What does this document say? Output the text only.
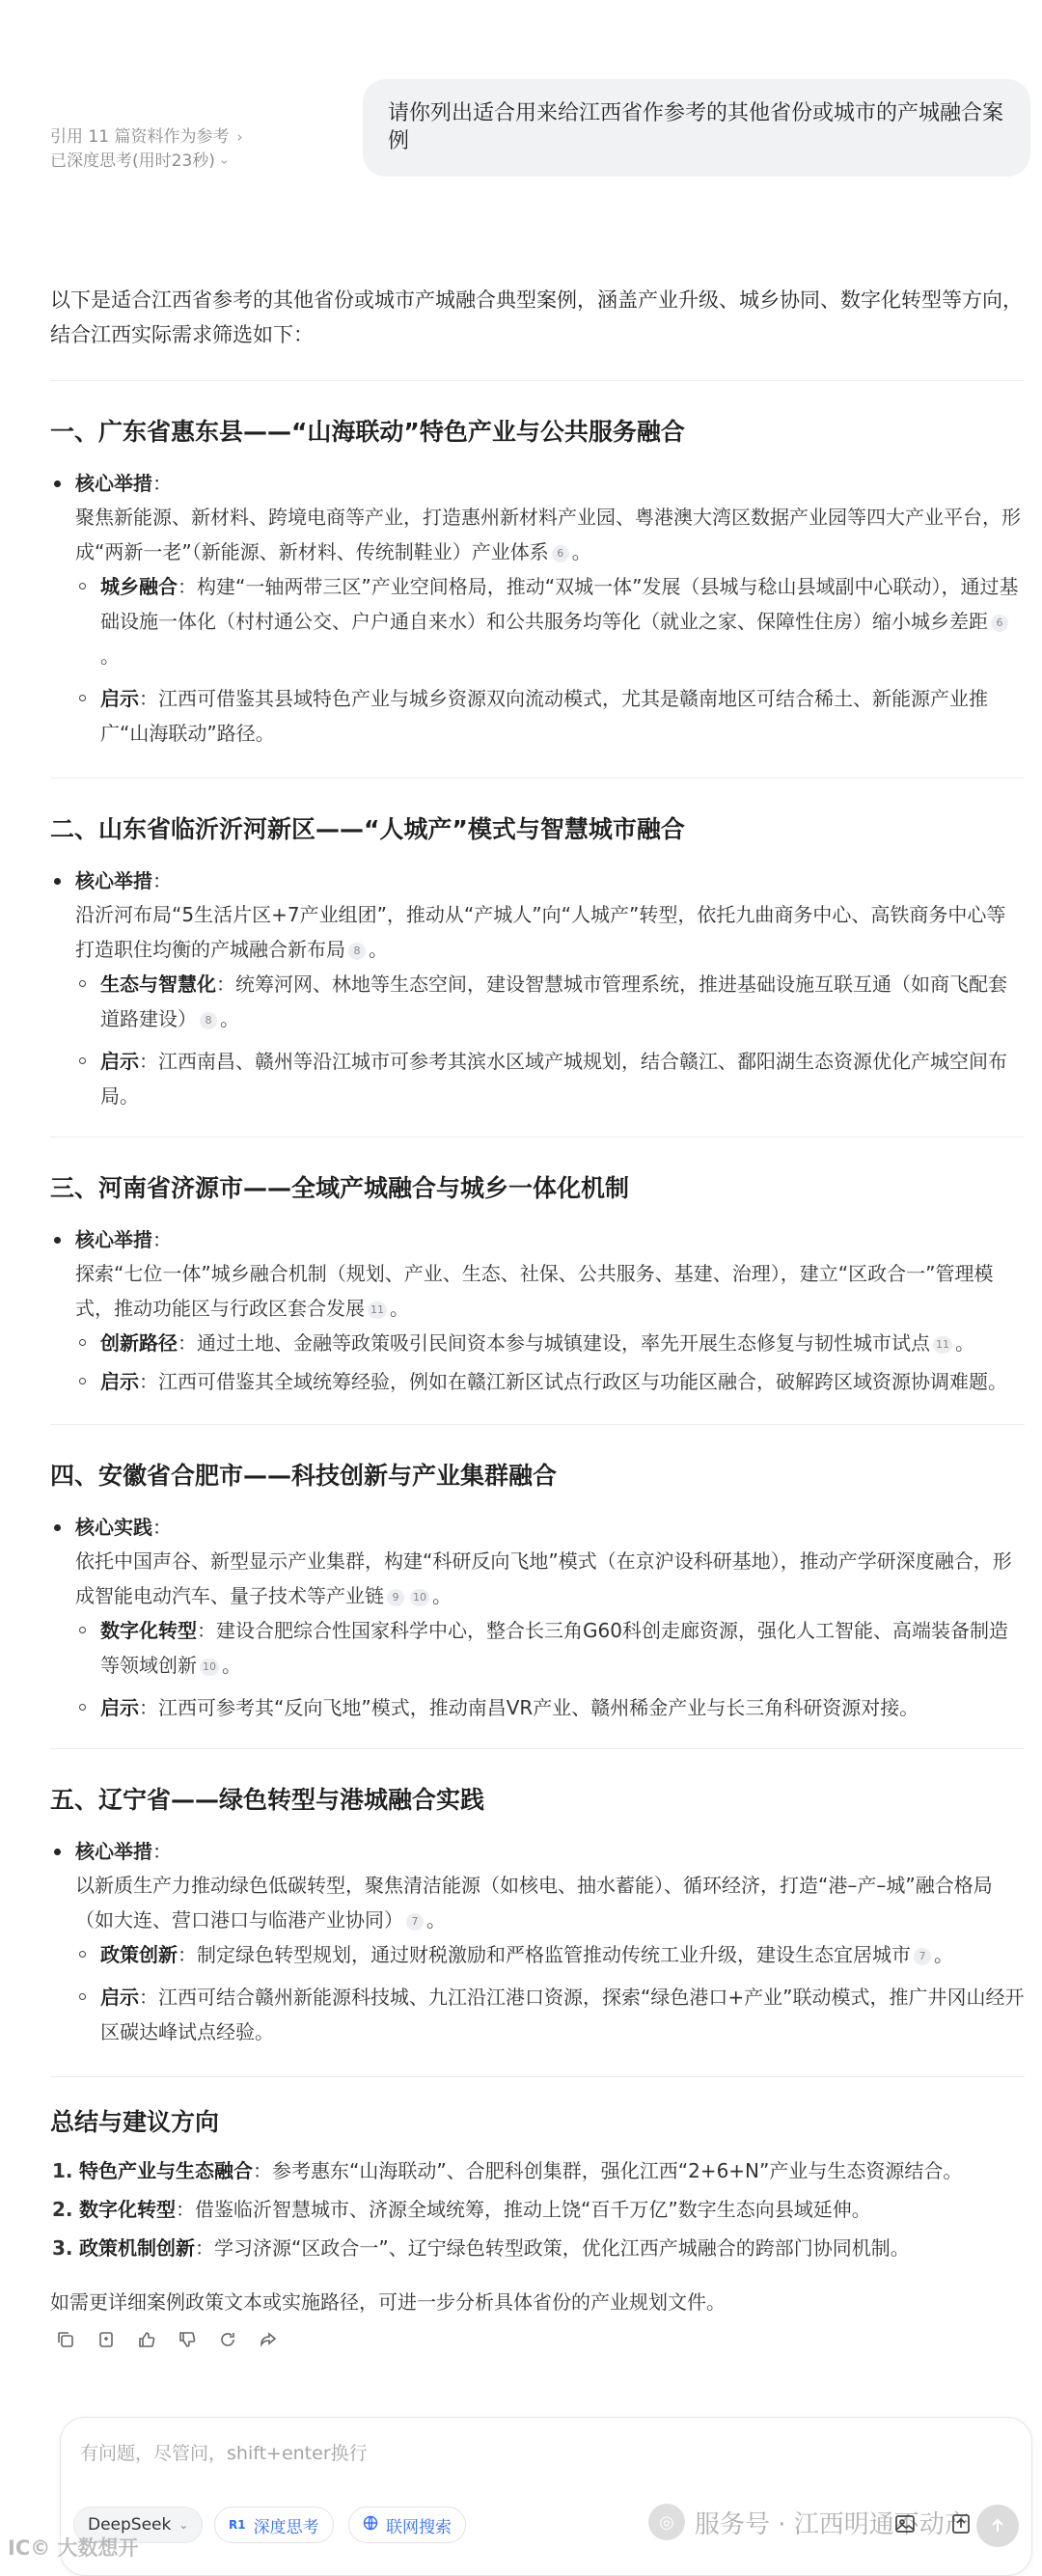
请你列出适合用来给江西省作参考的其他省份或城市的产城融合案例
引用 11 篇资料作为参考 ›
已深度思考(用时23秒)›

以下是适合江西省参考的其他省份或城市产城融合典型案例，涵盖产业升级、城乡协同、数字化转型等方向，结合江西实际需求筛选如下：

一、广东省惠东县——“山海联动”特色产业与公共服务融合
核心举措：
聚焦新能源、新材料、跨境电商等产业，打造惠州新材料产业园、粤港澳大湾区数据产业园等四大产业平台，形成“两新一老”（新能源、新材料、传统制鞋业）产业体系 6 。
城乡融合：构建“一轴两带三区”产业空间格局，推动“双城一体”发展（县城与稔山县域副中心联动），通过基础设施一体化（村村通公交、户户通自来水）和公共服务均等化（就业之家、保障性住房）缩小城乡差距 6。
启示：江西可借鉴其县域特色产业与城乡资源双向流动模式，尤其是赣南地区可结合稀土、新能源产业推广“山海联动”路径。
二、山东省临沂沂河新区——“人城产”模式与智慧城市融合
核心举措：
沿沂河布局“5生活片区+7产业组团”，推动从“产城人”向“人城产”转型，依托九曲商务中心、高铁商务中心等打造职住均衡的产城融合新布局 8 。
生态与智慧化：统筹河网、林地等生态空间，建设智慧城市管理系统，推进基础设施互联互通（如商飞配套道路建设） 8 。
启示：江西南昌、赣州等沿江城市可参考其滨水区域产城规划，结合赣江、鄱阳湖生态资源优化产城空间布局。
三、河南省济源市——全域产城融合与城乡一体化机制
核心举措：
探索“七位一体”城乡融合机制（规划、产业、生态、社保、公共服务、基建、治理），建立“区政合一”管理模式，推动功能区与行政区套合发展 11 。
创新路径：通过土地、金融等政策吸引民间资本参与城镇建设，率先开展生态修复与韧性城市试点 11 。
启示：江西可借鉴其全域统筹经验，例如在赣江新区试点行政区与功能区融合，破解跨区域资源协调难题。
四、安徽省合肥市——科技创新与产业集群融合
核心实践：
依托中国声谷、新型显示产业集群，构建“科研反向飞地”模式（在京沪设科研基地），推动产学研深度融合，形成智能电动汽车、量子技术等产业链 9 10 。
数字化转型：建设合肥综合性国家科学中心，整合长三角G60科创走廊资源，强化人工智能、高端装备制造等领域创新 10 。
启示：江西可参考其“反向飞地”模式，推动南昌VR产业、赣州稀金产业与长三角科研资源对接。
五、辽宁省——绿色转型与港城融合实践
核心举措：
以新质生产力推动绿色低碳转型，聚焦清洁能源（如核电、抽水蓄能）、循环经济，打造“港–产–城”融合格局（如大连、营口港口与临港产业协同） 7 。
政策创新：制定绿色转型规划，通过财税激励和严格监管推动传统工业升级，建设生态宜居城市 7 。
启示：江西可结合赣州新能源科技城、九江沿江港口资源，探索“绿色港口+产业”联动模式，推广井冈山经开区碳达峰试点经验。
总结与建议方向
1. 特色产业与生态融合：参考惠东“山海联动”、合肥科创集群，强化江西“2+6+N”产业与生态资源结合。
2. 数字化转型：借鉴临沂智慧城市、济源全域统筹，推动上饶“百千万亿”数字生态向县域延伸。
3. 政策机制创新：学习济源“区政合一”、辽宁绿色转型政策，优化江西产城融合的跨部门协同机制。
如需更详细案例政策文本或实施路径，可进一步分析具体省份的产业规划文件。
有问题，尽管问，shift+enter换行
DeepSeek ⌄	R1 深度思考	联网搜索	◎ 服务号 · 江西明通不动产
IC© 大数想开
